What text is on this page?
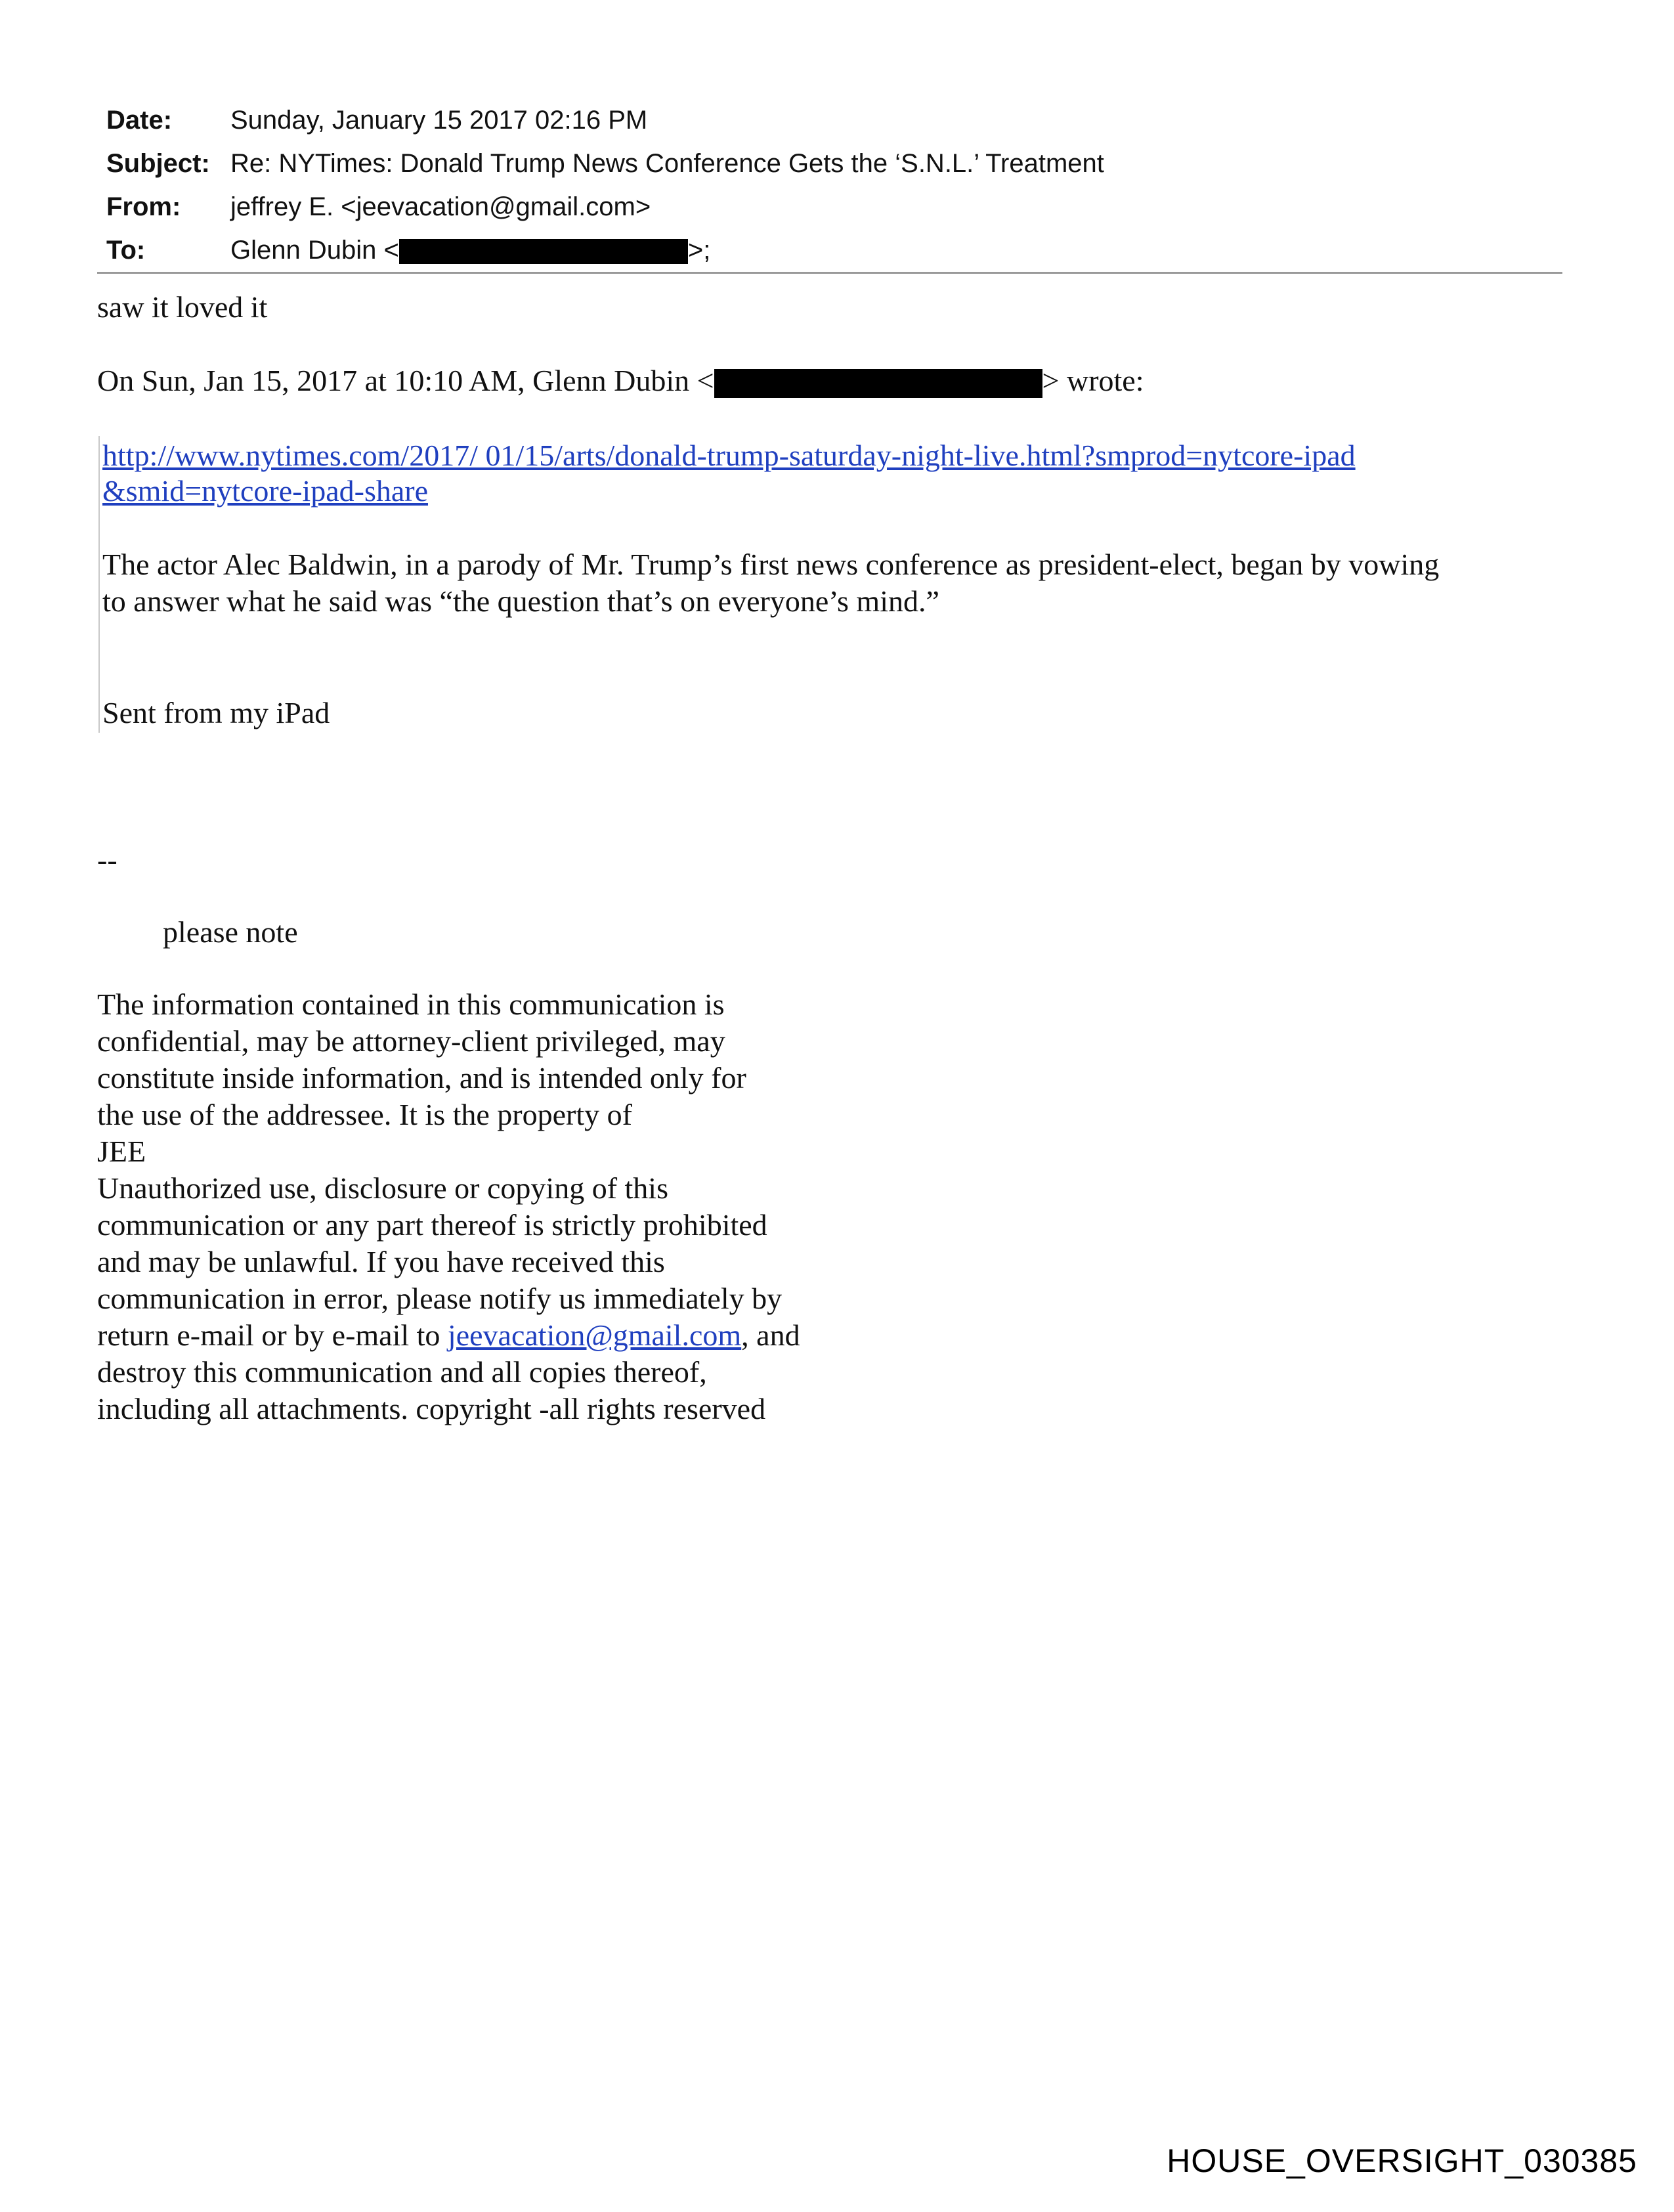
Date: Sunday, January 15 2017 02:16 PM
Subject: Re: NYTimes: Donald Trump News Conference Gets the ‘S.N.L.’ Treatment
From: jeffrey E. <jeevacation@gmail.com>
To:	Glenn Dubin <	>;
saw it loved it
On Sun, Jan 15, 2017 at 10:10 AM, Glenn Dubin <	> wrote:
http://www.nytimes.com/2017/ 01/15/arts/donald-trump-saturday-night-live.html?smprod=nytcore-ipad
&smid=nytcore-ipad-share
The actor Alec Baldwin, in a parody of Mr. Trump’s first news conference as president-elect, began by vowing
to answer what he said was “the question that’s on everyone’s mind.”
Sent from my iPad
--
please note
The information contained in this communication is
confidential, may be attorney-client privileged, may
constitute inside information, and is intended only for
the use of the addressee. It is the property of
JEE
Unauthorized use, disclosure or copying of this
communication or any part thereof is strictly prohibited
and may be unlawful. If you have received this
communication in error, please notify us immediately by
return e-mail or by e-mail to jeevacation@gmail.com, and
destroy this communication and all copies thereof,
including all attachments. copyright -all rights reserved
HOUSE_OVERSIGHT_030385
